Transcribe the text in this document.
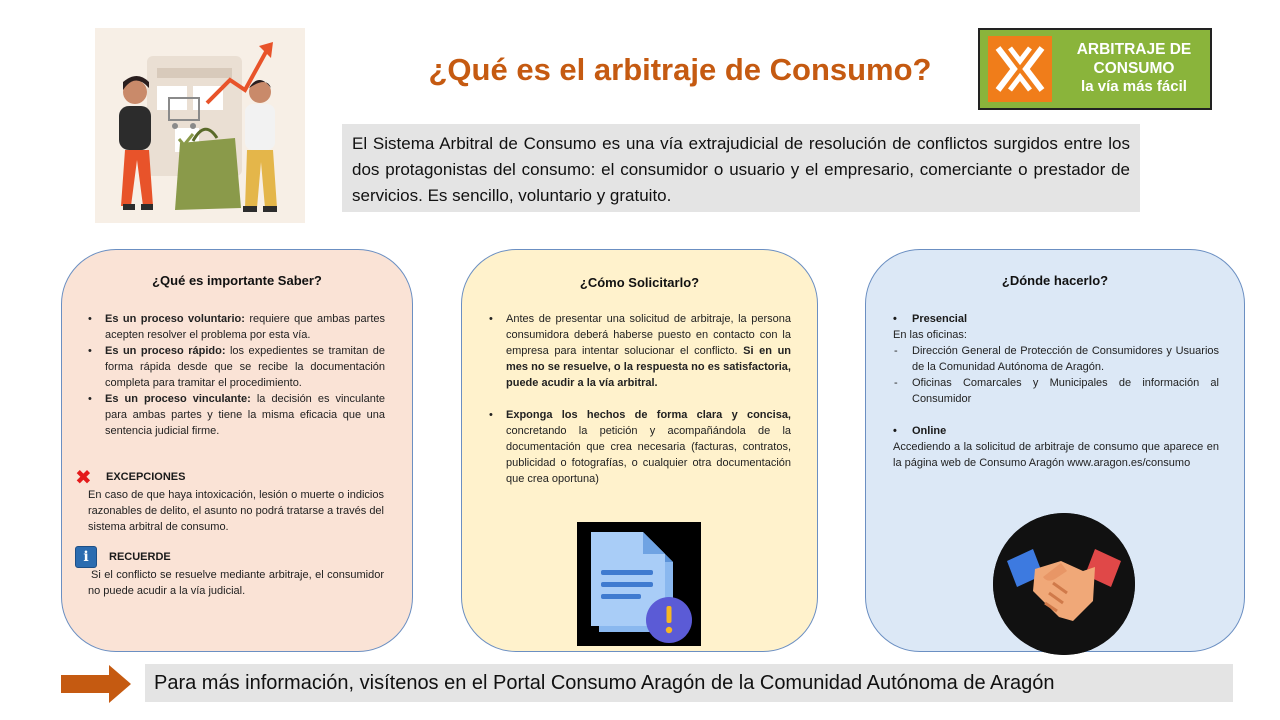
¿Qué es el arbitraje de Consumo?
ARBITRAJE DE CONSUMO
la vía más fácil
El Sistema Arbitral de Consumo es una vía extrajudicial de resolución de conflictos surgidos entre los dos protagonistas del consumo: el consumidor o usuario y el empresario, comerciante o prestador de servicios. Es sencillo, voluntario y gratuito.
¿Qué es importante Saber?
• Es un proceso voluntario: requiere que ambas partes acepten resolver el problema por esta vía.
• Es un proceso rápido: los expedientes se tramitan de forma rápida desde que se recibe la documentación completa para tramitar el procedimiento.
• Es un proceso vinculante: la decisión es vinculante para ambas partes y tiene la misma eficacia que una sentencia judicial firme.
✖ EXCEPCIONES
En caso de que haya intoxicación, lesión o muerte o indicios razonables de delito, el asunto no podrá tratarse a través del sistema arbitral de consumo.
i	RECUERDE
Si el conflicto se resuelve mediante arbitraje, el consumidor no puede acudir a la vía judicial.
¿Cómo Solicitarlo?
• Antes de presentar una solicitud de arbitraje, la persona consumidora deberá haberse puesto en contacto con la empresa para intentar solucionar el conflicto. Si en un mes no se resuelve, o la respuesta no es satisfactoria, puede acudir a la vía arbitral.
• Exponga los hechos de forma clara y concisa, concretando la petición y acompañándola de la documentación que crea necesaria (facturas, contratos, publicidad o fotografías, o cualquier otra documentación que crea oportuna)
¿Dónde hacerlo?
• Presencial
En las oficinas:
- Dirección General de Protección de Consumidores y Usuarios de la Comunidad Autónoma de Aragón.
- Oficinas Comarcales y Municipales de información al Consumidor
• Online
Accediendo a la solicitud de arbitraje de consumo que aparece en la página web de Consumo Aragón www.aragon.es/consumo
Para más información, visítenos en el Portal Consumo Aragón de la Comunidad Autónoma de Aragón
